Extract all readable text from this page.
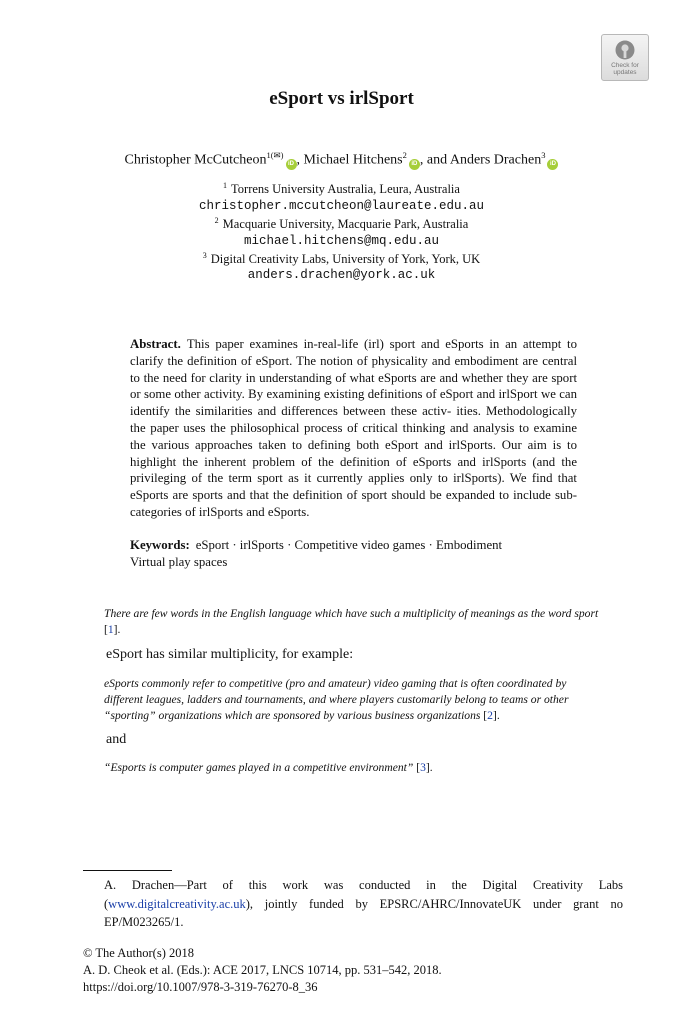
Check for
updates
eSport vs irlSport
Christopher McCutcheon$^{1(✉)}$iD , Michael Hitchens$^2$iD , and Anders Drachen$^3$iD
$^1$ Torrens University Australia, Leura, Australia
christopher.mccutcheon@laureate.edu.au
$^2$ Macquarie University, Macquarie Park, Australia
michael.hitchens@mq.edu.au
$^3$ Digital Creativity Labs, University of York, York, UK
anders.drachen@york.ac.uk

Abstract. This paper examines in-real-life (irl) sport and eSports in an attempt to clarify the definition of eSport. The notion of physicality and embodiment are central to the need for clarity in understanding of what eSports are and whether they are sport or some other activity. By examining existing definitions of eSport and irlSport we can identify the similarities and differences between these activ- ities. Methodologically the paper uses the philosophical process of critical thinking and analysis to examine the various approaches taken to defining both eSport and irlSports. Our aim is to highlight the inherent problem of the definition of eSports and irlSports (and the privileging of the term sport as it currently applies only to irlSports). We find that eSports are sports and that the definition of sport should be expanded to include sub-categories of irlSports and eSports.

Keywords: eSport · irlSports · Competitive video games · Embodiment
Virtual play spaces

There are few words in the English language which have such a multiplicity of meanings as the word sport [1].

eSport has similar multiplicity, for example:

eSports commonly refer to competitive (pro and amateur) video gaming that is often coordinated by different leagues, ladders and tournaments, and where players customarily belong to teams or other “sporting” organizations which are sponsored by various business organizations [2].

and

“Esports is computer games played in a competitive environment” [3].

A. Drachen—Part of this work was conducted in the Digital Creativity Labs (www.digitalcreativity.ac.uk), jointly funded by EPSRC/AHRC/InnovateUK under grant no EP/M023265/1.

© The Author(s) 2018
A. D. Cheok et al. (Eds.): ACE 2017, LNCS 10714, pp. 531–542, 2018.
https://doi.org/10.1007/978-3-319-76270-8_36
